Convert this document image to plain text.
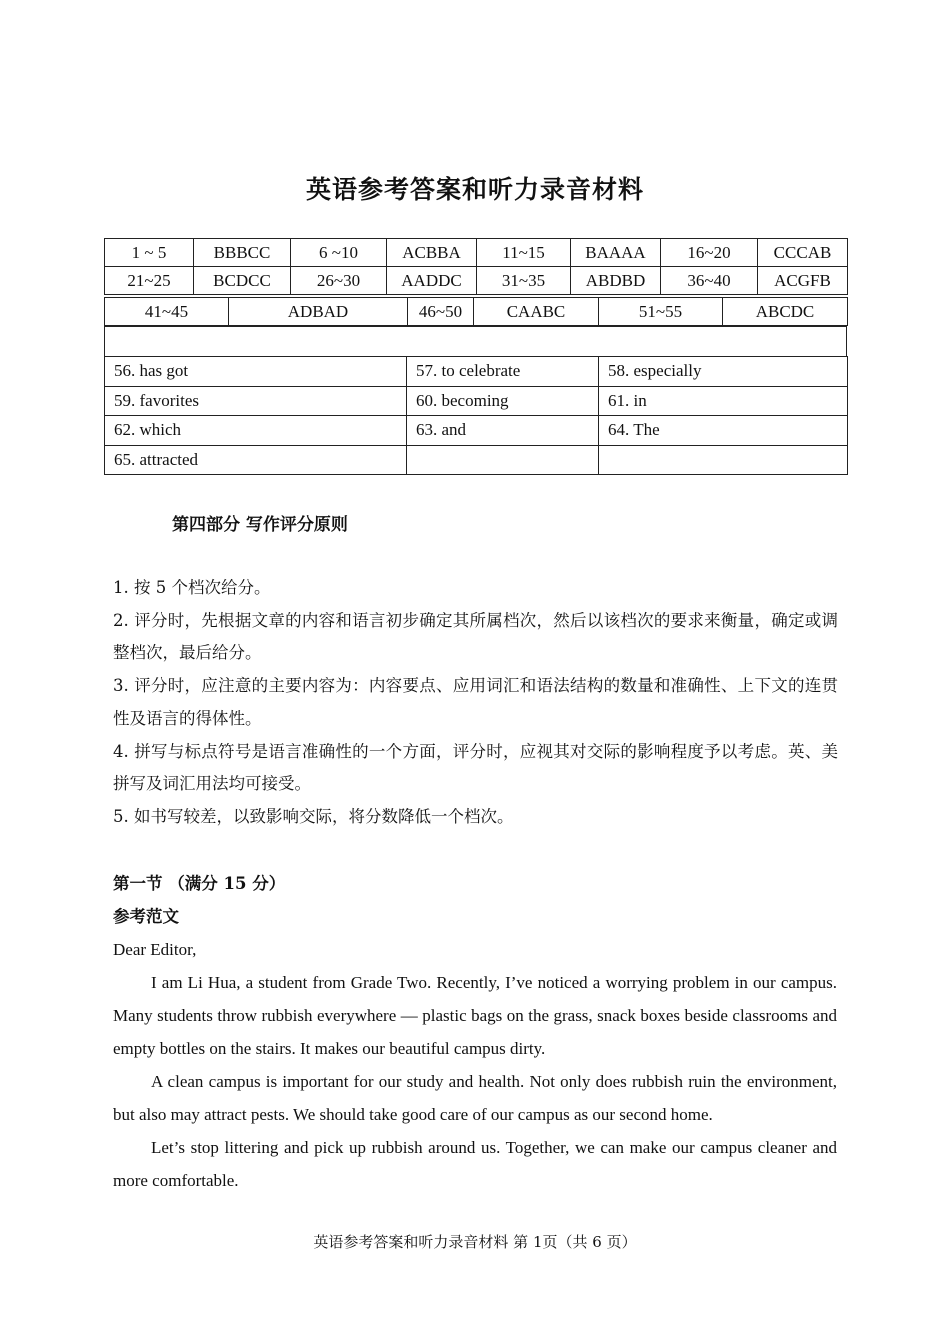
英语参考答案和听力录音材料
1 ~ 5	BBBCC	6 ~10	ACBBA	11~15	BAAAA	16~20	CCCAB
21~25	BCDCC	26~30	AADDC	31~35	ABDBD	36~40	ACGFB
41~45	ADBAD	46~50	CAABC	51~55	ABCDC
56. has got	57. to celebrate	58. especially
59. favorites	60. becoming	61. in
62. which	63. and	64. The
65. attracted		
第四部分 写作评分原则

1. 按 5 个档次给分。

2. 评分时，先根据文章的内容和语言初步确定其所属档次，然后以该档次的要求来衡量，确定或调整档次，最后给分。

3. 评分时，应注意的主要内容为：内容要点、应用词汇和语法结构的数量和准确性、上下文的连贯性及语言的得体性。

4. 拼写与标点符号是语言准确性的一个方面，评分时，应视其对交际的影响程度予以考虑。英、美拼写及词汇用法均可接受。

5. 如书写较差，以致影响交际，将分数降低一个档次。

第一节 （满分 15 分）

参考范文

Dear Editor,

I am Li Hua, a student from Grade Two. Recently, I’ve noticed a worrying problem in our campus. Many students throw rubbish everywhere — plastic bags on the grass, snack boxes beside classrooms and empty bottles on the stairs. It makes our beautiful campus dirty.

A clean campus is important for our study and health. Not only does rubbish ruin the environment, but also may attract pests. We should take good care of our campus as our second home.

Let’s stop littering and pick up rubbish around us. Together, we can make our campus cleaner and more comfortable.

英语参考答案和听力录音材料 第 1页（共 6 页）
